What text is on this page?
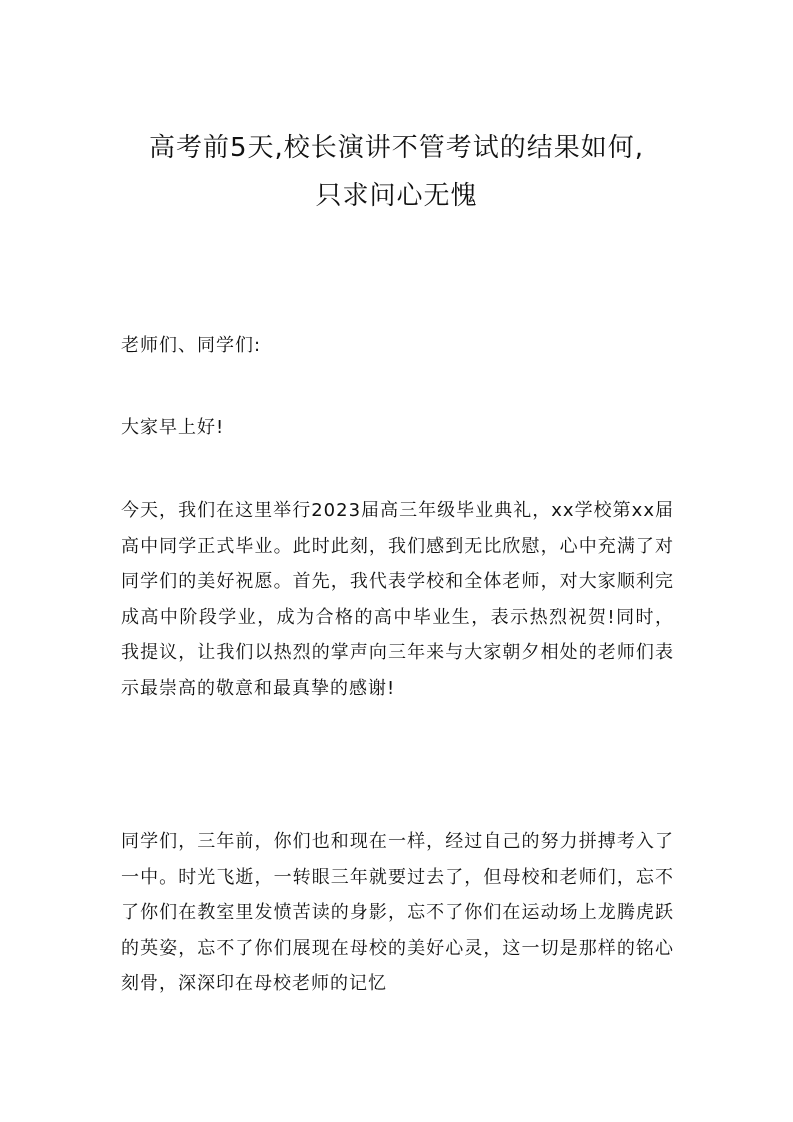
高考前5天,校长演讲不管考试的结果如何,
只求问心无愧

老师们、同学们:

大家早上好!

今天，我们在这里举行2023届高三年级毕业典礼，xx学校第xx届高中同学正式毕业。此时此刻，我们感到无比欣慰，心中充满了对同学们的美好祝愿。首先，我代表学校和全体老师，对大家顺利完成高中阶段学业，成为合格的高中毕业生，表示热烈祝贺!同时，我提议，让我们以热烈的掌声向三年来与大家朝夕相处的老师们表示最崇高的敬意和最真挚的感谢!

同学们，三年前，你们也和现在一样，经过自己的努力拼搏考入了一中。时光飞逝，一转眼三年就要过去了，但母校和老师们，忘不了你们在教室里发愤苦读的身影，忘不了你们在运动场上龙腾虎跃的英姿，忘不了你们展现在母校的美好心灵，这一切是那样的铭心刻骨，深深印在母校老师的记忆
